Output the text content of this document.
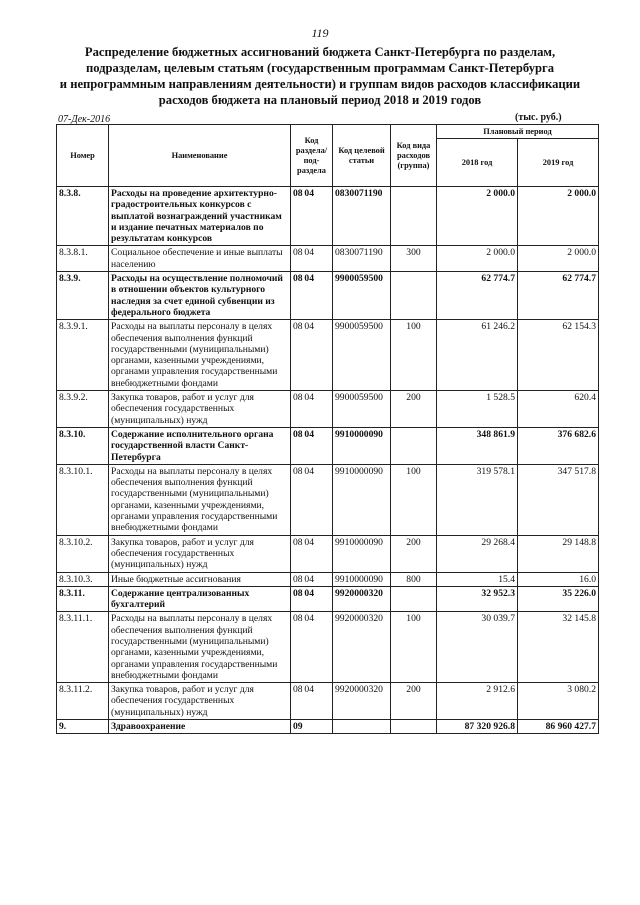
119
Распределение бюджетных ассигнований бюджета Санкт-Петербурга по разделам,
подразделам, целевым статьям (государственным программам Санкт-Петербурга
и непрограммным направлениям деятельности) и группам видов расходов классификации
расходов бюджета на плановый период 2018 и 2019 годов
07-Дек-2016	(тыс. руб.)
Номер	Наименование	Код раздела/ под- раздела	Код целевой статьи	Код вида расходов (группа)	Плановый период	
					2018 год	2019 год
8.3.8.	Расходы на проведение архитектурно-градостроительных конкурсов с выплатой вознаграждений участникам и издание печатных материалов по результатам конкурсов	08 04	0830071190		2 000.0	2 000.0
8.3.8.1.	Социальное обеспечение и иные выплаты населению	08 04	0830071190	300	2 000.0	2 000.0
8.3.9.	Расходы на осуществление полномочий в отношении объектов культурного наследия за счет единой субвенции из федерального бюджета	08 04	9900059500		62 774.7	62 774.7
8.3.9.1.	Расходы на выплаты персоналу в целях обеспечения выполнения функций государственными (муниципальными) органами, казенными учреждениями, органами управления государственными внебюджетными фондами	08 04	9900059500	100	61 246.2	62 154.3
8.3.9.2.	Закупка товаров, работ и услуг для обеспечения государственных (муниципальных) нужд	08 04	9900059500	200	1 528.5	620.4
8.3.10.	Содержание исполнительного органа государственной власти Санкт-Петербурга	08 04	9910000090		348 861.9	376 682.6
8.3.10.1.	Расходы на выплаты персоналу в целях обеспечения выполнения функций государственными (муниципальными) органами, казенными учреждениями, органами управления государственными внебюджетными фондами	08 04	9910000090	100	319 578.1	347 517.8
8.3.10.2.	Закупка товаров, работ и услуг для обеспечения государственных (муниципальных) нужд	08 04	9910000090	200	29 268.4	29 148.8
8.3.10.3.	Иные бюджетные ассигнования	08 04	9910000090	800	15.4	16.0
8.3.11.	Содержание централизованных бухгалтерий	08 04	9920000320		32 952.3	35 226.0
8.3.11.1.	Расходы на выплаты персоналу в целях обеспечения выполнения функций государственными (муниципальными) органами, казенными учреждениями, органами управления государственными внебюджетными фондами	08 04	9920000320	100	30 039.7	32 145.8
8.3.11.2.	Закупка товаров, работ и услуг для обеспечения государственных (муниципальных) нужд	08 04	9920000320	200	2 912.6	3 080.2
9.	Здравоохранение	09			87 320 926.8	86 960 427.7
